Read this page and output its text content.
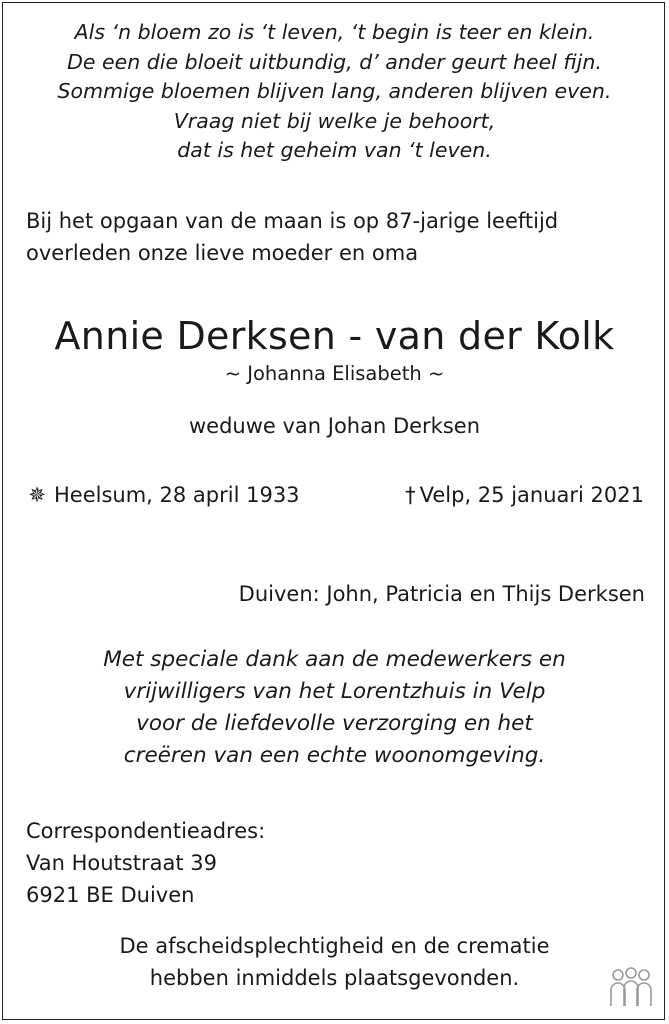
Als ‘n bloem zo is ‘t leven, ‘t begin is teer en klein.
De een die bloeit uitbundig, d’ ander geurt heel fijn.
Sommige bloemen blijven lang, anderen blijven even.
Vraag niet bij welke je behoort,
dat is het geheim van ‘t leven.
Bij het opgaan van de maan is op 87-jarige leeftijd
overleden onze lieve moeder en oma
Annie Derksen - van der Kolk
~ Johanna Elisabeth ~
weduwe van Johan Derksen
✵ Heelsum, 28 april 1933	† Velp, 25 januari 2021
Duiven: John, Patricia en Thijs Derksen
Met speciale dank aan de medewerkers en
vrijwilligers van het Lorentzhuis in Velp
voor de liefdevolle verzorging en het
creëren van een echte woonomgeving.
Correspondentieadres:
Van Houtstraat 39
6921 BE Duiven
De afscheidsplechtigheid en de crematie
hebben inmiddels plaatsgevonden.
